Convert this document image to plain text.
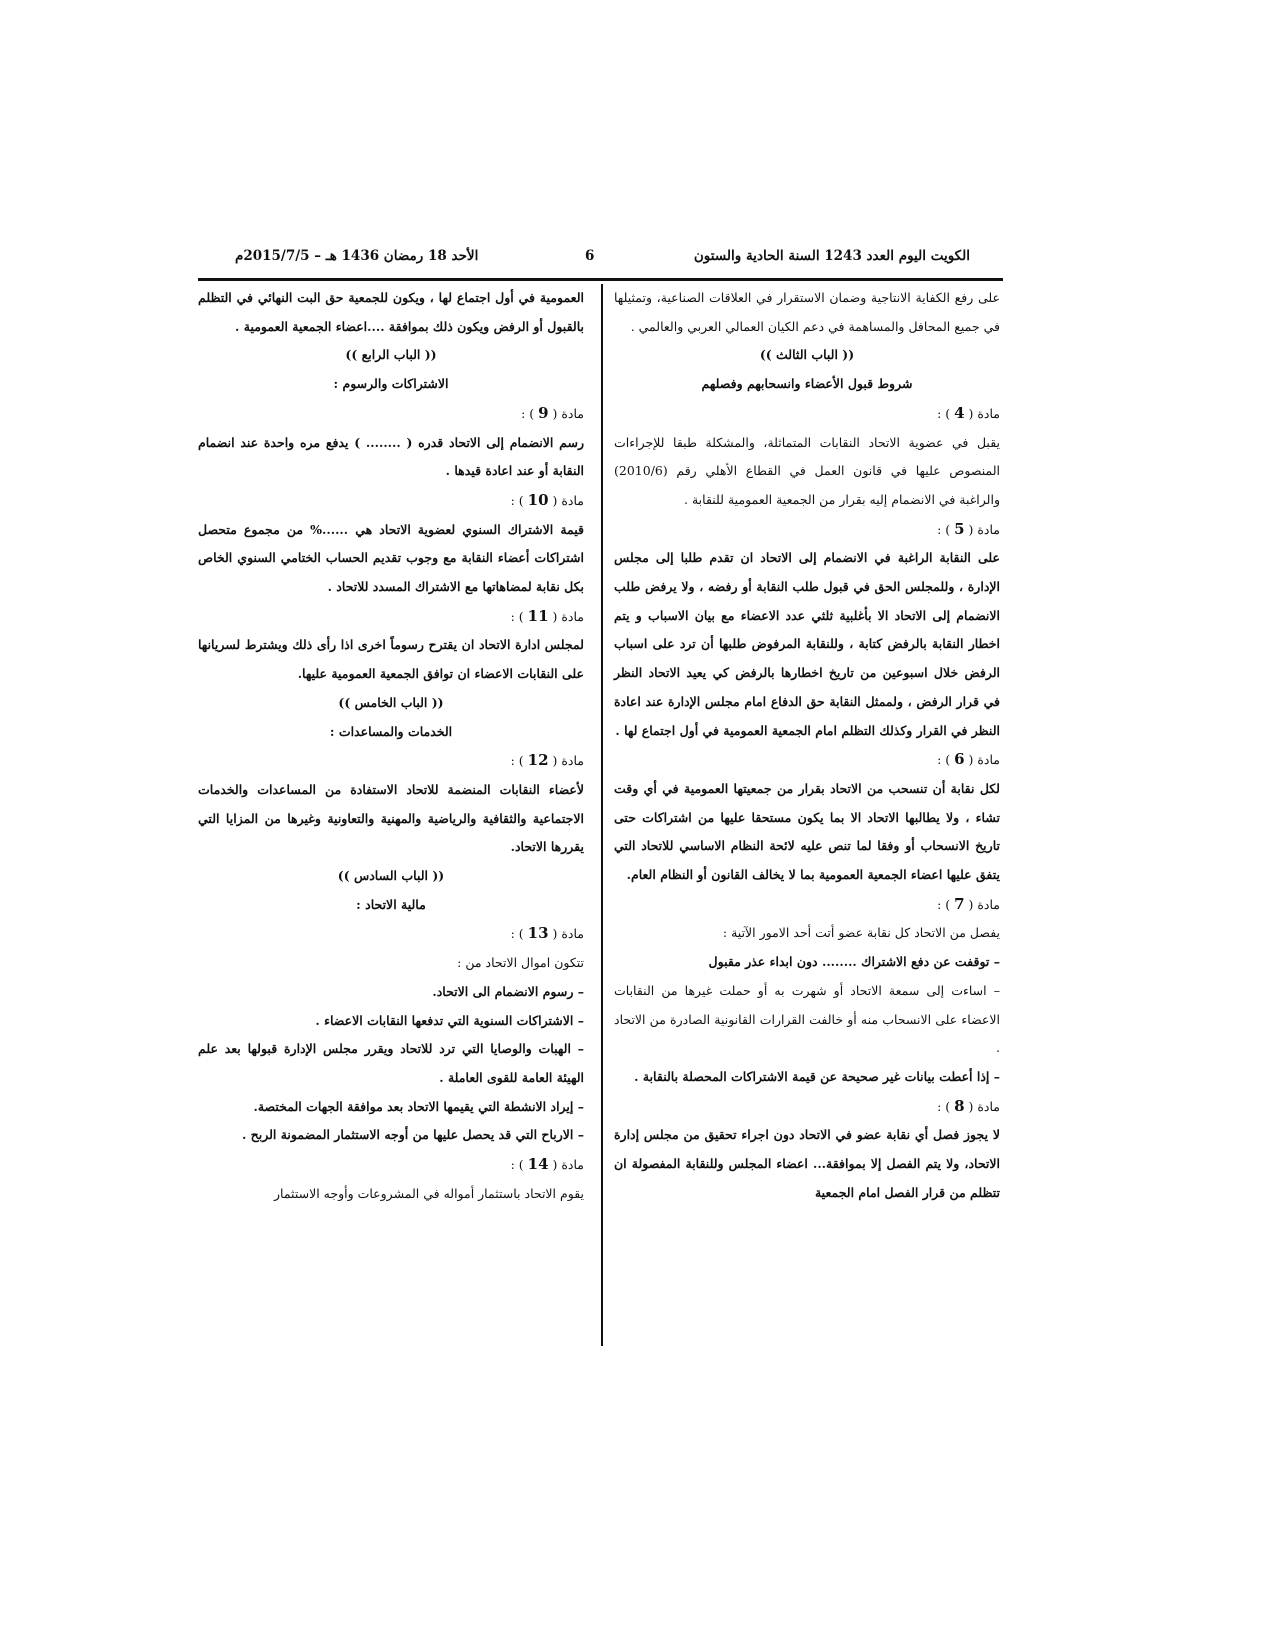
الكويت اليوم العدد 1243 السنة الحادية والستون
6
الأحد 18 رمضان 1436 هـ – 2015/7/5م

على رفع الكفاية الانتاجية وضمان الاستقرار في العلاقات الصناعية، وتمثيلها في جميع المحافل والمساهمة في دعم الكيان العمالي العربي والعالمي .

(( الباب الثالث ))

شروط قبول الأعضاء وانسحابهم وفصلهم

مادة ( 4 ) :

يقبل في عضوية الاتحاد النقابات المتماثلة، والمشكلة طبقا للإجراءات المنصوص عليها في قانون العمل في القطاع الأهلي رقم (2010/6) والراغبة في الانضمام إليه بقرار من الجمعية العمومية للنقابة .

مادة ( 5 ) :

على النقابة الراغبة في الانضمام إلى الاتحاد ان تقدم طلبا إلى مجلس الإدارة ، وللمجلس الحق في قبول طلب النقابة أو رفضه ، ولا يرفض طلب الانضمام إلى الاتحاد الا بأغلبية ثلثي عدد الاعضاء مع بيان الاسباب و يتم اخطار النقابة بالرفض كتابة ، وللنقابة المرفوض طلبها أن ترد على اسباب الرفض خلال اسبوعين من تاريخ اخطارها بالرفض كي يعيد الاتحاد النظر في قرار الرفض ، ولممثل النقابة حق الدفاع امام مجلس الإدارة عند اعادة النظر في القرار وكذلك التظلم امام الجمعية العمومية في أول اجتماع لها .

مادة ( 6 ) :

لكل نقابة أن تنسحب من الاتحاد بقرار من جمعيتها العمومية في أي وقت تشاء ، ولا يطالبها الاتحاد الا بما يكون مستحقا عليها من اشتراكات حتى تاريخ الانسحاب أو وفقا لما تنص عليه لائحة النظام الاساسي للاتحاد التي يتفق عليها اعضاء الجمعية العمومية بما لا يخالف القانون أو النظام العام.

مادة ( 7 ) :

يفصل من الاتحاد كل نقابة عضو أتت أحد الامور الآتية :

– توقفت عن دفع الاشتراك ........ دون ابداء عذر مقبول

– اساءت إلى سمعة الاتحاد أو شهرت به أو حملت غيرها من النقابات الاعضاء على الانسحاب منه أو خالفت القرارات القانونية الصادرة من الاتحاد .

– إذا أعطت بيانات غير صحيحة عن قيمة الاشتراكات المحصلة بالنقابة .

مادة ( 8 ) :

لا يجوز فصل أي نقابة عضو في الاتحاد دون اجراء تحقيق من مجلس إدارة الاتحاد، ولا يتم الفصل إلا بموافقة... اعضاء المجلس وللنقابة المفصولة ان تتظلم من قرار الفصل امام الجمعية

العمومية في أول اجتماع لها ، ويكون للجمعية حق البت النهائي في التظلم بالقبول أو الرفض ويكون ذلك بموافقة ....اعضاء الجمعية العمومية .

(( الباب الرابع ))

الاشتراكات والرسوم :

مادة ( 9 ) :

رسم الانضمام إلى الاتحاد قدره ( ........ ) يدفع مره واحدة عند انضمام النقابة أو عند اعادة قيدها .

مادة ( 10 ) :

قيمة الاشتراك السنوي لعضوية الاتحاد هي ......% من مجموع متحصل اشتراكات أعضاء النقابة مع وجوب تقديم الحساب الختامي السنوي الخاص بكل نقابة لمضاهاتها مع الاشتراك المسدد للاتحاد .

مادة ( 11 ) :

لمجلس ادارة الاتحاد ان يقترح رسوماً اخرى اذا رأى ذلك ويشترط لسريانها على النقابات الاعضاء ان توافق الجمعية العمومية عليها.

(( الباب الخامس ))

الخدمات والمساعدات :

مادة ( 12 ) :

لأعضاء النقابات المنضمة للاتحاد الاستفادة من المساعدات والخدمات الاجتماعية والثقافية والرياضية والمهنية والتعاونية وغيرها من المزايا التي يقررها الاتحاد.

(( الباب السادس ))

مالية الاتحاد :

مادة ( 13 ) :

تتكون اموال الاتحاد من :

– رسوم الانضمام الى الاتحاد.

– الاشتراكات السنوية التي تدفعها النقابات الاعضاء .

– الهبات والوصايا التي ترد للاتحاد ويقرر مجلس الإدارة قبولها بعد علم الهيئة العامة للقوى العاملة .

– إيراد الانشطة التي يقيمها الاتحاد بعد موافقة الجهات المختصة.

– الارباح التي قد يحصل عليها من أوجه الاستثمار المضمونة الربح .

مادة ( 14 ) :

يقوم الاتحاد باستثمار أمواله في المشروعات وأوجه الاستثمار
